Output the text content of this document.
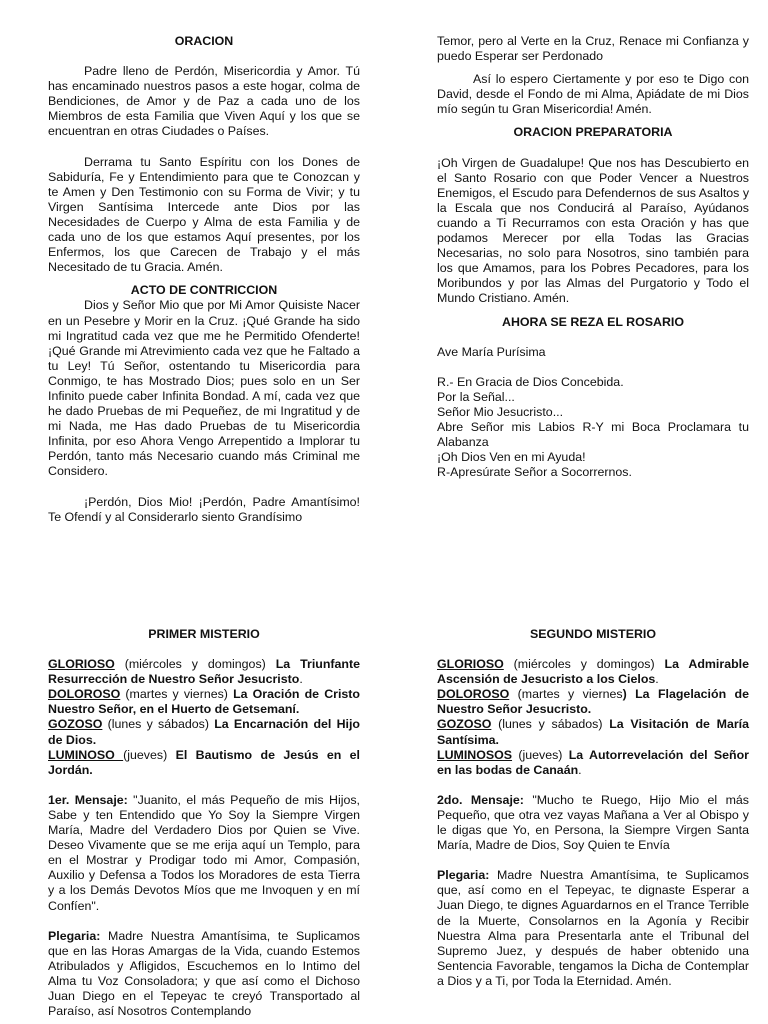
ORACION

Padre lleno de Perdón, Misericordia y Amor. Tú has encaminado nuestros pasos a este hogar, colma de Bendiciones, de Amor y de Paz a cada uno de los Miembros de esta Familia que Viven Aquí y los que se encuentran en otras Ciudades o Países.

Derrama tu Santo Espíritu con los Dones de Sabiduría, Fe y Entendimiento para que te Conozcan y te Amen y Den Testimonio con su Forma de Vivir; y tu Virgen Santísima Intercede ante Dios por las Necesidades de Cuerpo y Alma de esta Familia y de cada uno de los que estamos Aquí presentes, por los Enfermos, los que Carecen de Trabajo y el más Necesitado de tu Gracia. Amén.

ACTO DE CONTRICCION

Dios y Señor Mio que por Mi Amor Quisiste Nacer en un Pesebre y Morir en la Cruz. ¡Qué Grande ha sido mi Ingratitud cada vez que me he Permitido Ofenderte! ¡Qué Grande mi Atrevimiento cada vez que he Faltado a tu Ley! Tú Señor, ostentando tu Misericordia para Conmigo, te has Mostrado Dios; pues solo en un Ser Infinito puede caber Infinita Bondad. A mí, cada vez que he dado Pruebas de mi Pequeñez, de mi Ingratitud y de mi Nada, me Has dado Pruebas de tu Misericordia Infinita, por eso Ahora Vengo Arrepentido a Implorar tu Perdón, tanto más Necesario cuando más Criminal me Considero.

¡Perdón, Dios Mio! ¡Perdón, Padre Amantísimo! Te Ofendí y al Considerarlo siento Grandísimo

Temor, pero al Verte en la Cruz, Renace mi Confianza y puedo Esperar ser Perdonado

Así lo espero Ciertamente y por eso te Digo con David, desde el Fondo de mi Alma, Apiádate de mi Dios mío según tu Gran Misericordia! Amén.

ORACION PREPARATORIA

¡Oh Virgen de Guadalupe! Que nos has Descubierto en el Santo Rosario con que Poder Vencer a Nuestros Enemigos, el Escudo para Defendernos de sus Asaltos y la Escala que nos Conducirá al Paraíso, Ayúdanos cuando a Ti Recurramos con esta Oración y has que podamos Merecer por ella Todas las Gracias Necesarias, no solo para Nosotros, sino también para los que Amamos, para los Pobres Pecadores, para los Moribundos y por las Almas del Purgatorio y Todo el Mundo Cristiano. Amén.

AHORA SE REZA EL ROSARIO

Ave María Purísima

R.- En Gracia de Dios Concebida.

Por la Señal...

Señor Mio Jesucristo...

Abre Señor mis Labios R-Y mi Boca Proclamara tu Alabanza

¡Oh Dios Ven en mi Ayuda!

R-Apresúrate Señor a Socorrernos.

PRIMER MISTERIO

GLORIOSO (miércoles y domingos) La Triunfante Resurrección de Nuestro Señor Jesucristo.

DOLOROSO (martes y viernes) La Oración de Cristo Nuestro Señor, en el Huerto de Getsemaní.

GOZOSO (lunes y sábados) La Encarnación del Hijo de Dios.

LUMINOSO (jueves) El Bautismo de Jesús en el Jordán.

1er. Mensaje: "Juanito, el más Pequeño de mis Hijos, Sabe y ten Entendido que Yo Soy la Siempre Virgen María, Madre del Verdadero Dios por Quien se Vive. Deseo Vivamente que se me erija aquí un Templo, para en el Mostrar y Prodigar todo mi Amor, Compasión, Auxilio y Defensa a Todos los Moradores de esta Tierra y a los Demás Devotos Míos que me Invoquen y en mí Confíen".

Plegaria: Madre Nuestra Amantísima, te Suplicamos que en las Horas Amargas de la Vida, cuando Estemos Atribulados y Afligidos, Escuchemos en lo Intimo del Alma tu Voz Consoladora; y que así como el Dichoso Juan Diego en el Tepeyac te creyó Transportado al Paraíso, así Nosotros Contemplando

SEGUNDO MISTERIO

GLORIOSO (miércoles y domingos) La Admirable Ascensión de Jesucristo a los Cielos.

DOLOROSO (martes y viernes) La Flagelación de Nuestro Señor Jesucristo.

GOZOSO (lunes y sábados) La Visitación de María Santísima.

LUMINOSOS (jueves) La Autorrevelación del Señor en las bodas de Canaán.

2do. Mensaje: "Mucho te Ruego, Hijo Mio el más Pequeño, que otra vez vayas Mañana a Ver al Obispo y le digas que Yo, en Persona, la Siempre Virgen Santa María, Madre de Dios, Soy Quien te Envía

Plegaria: Madre Nuestra Amantísima, te Suplicamos que, así como en el Tepeyac, te dignaste Esperar a Juan Diego, te dignes Aguardarnos en el Trance Terrible de la Muerte, Consolarnos en la Agonía y Recibir Nuestra Alma para Presentarla ante el Tribunal del Supremo Juez, y después de haber obtenido una Sentencia Favorable, tengamos la Dicha de Contemplar a Dios y a Ti, por Toda la Eternidad. Amén.
